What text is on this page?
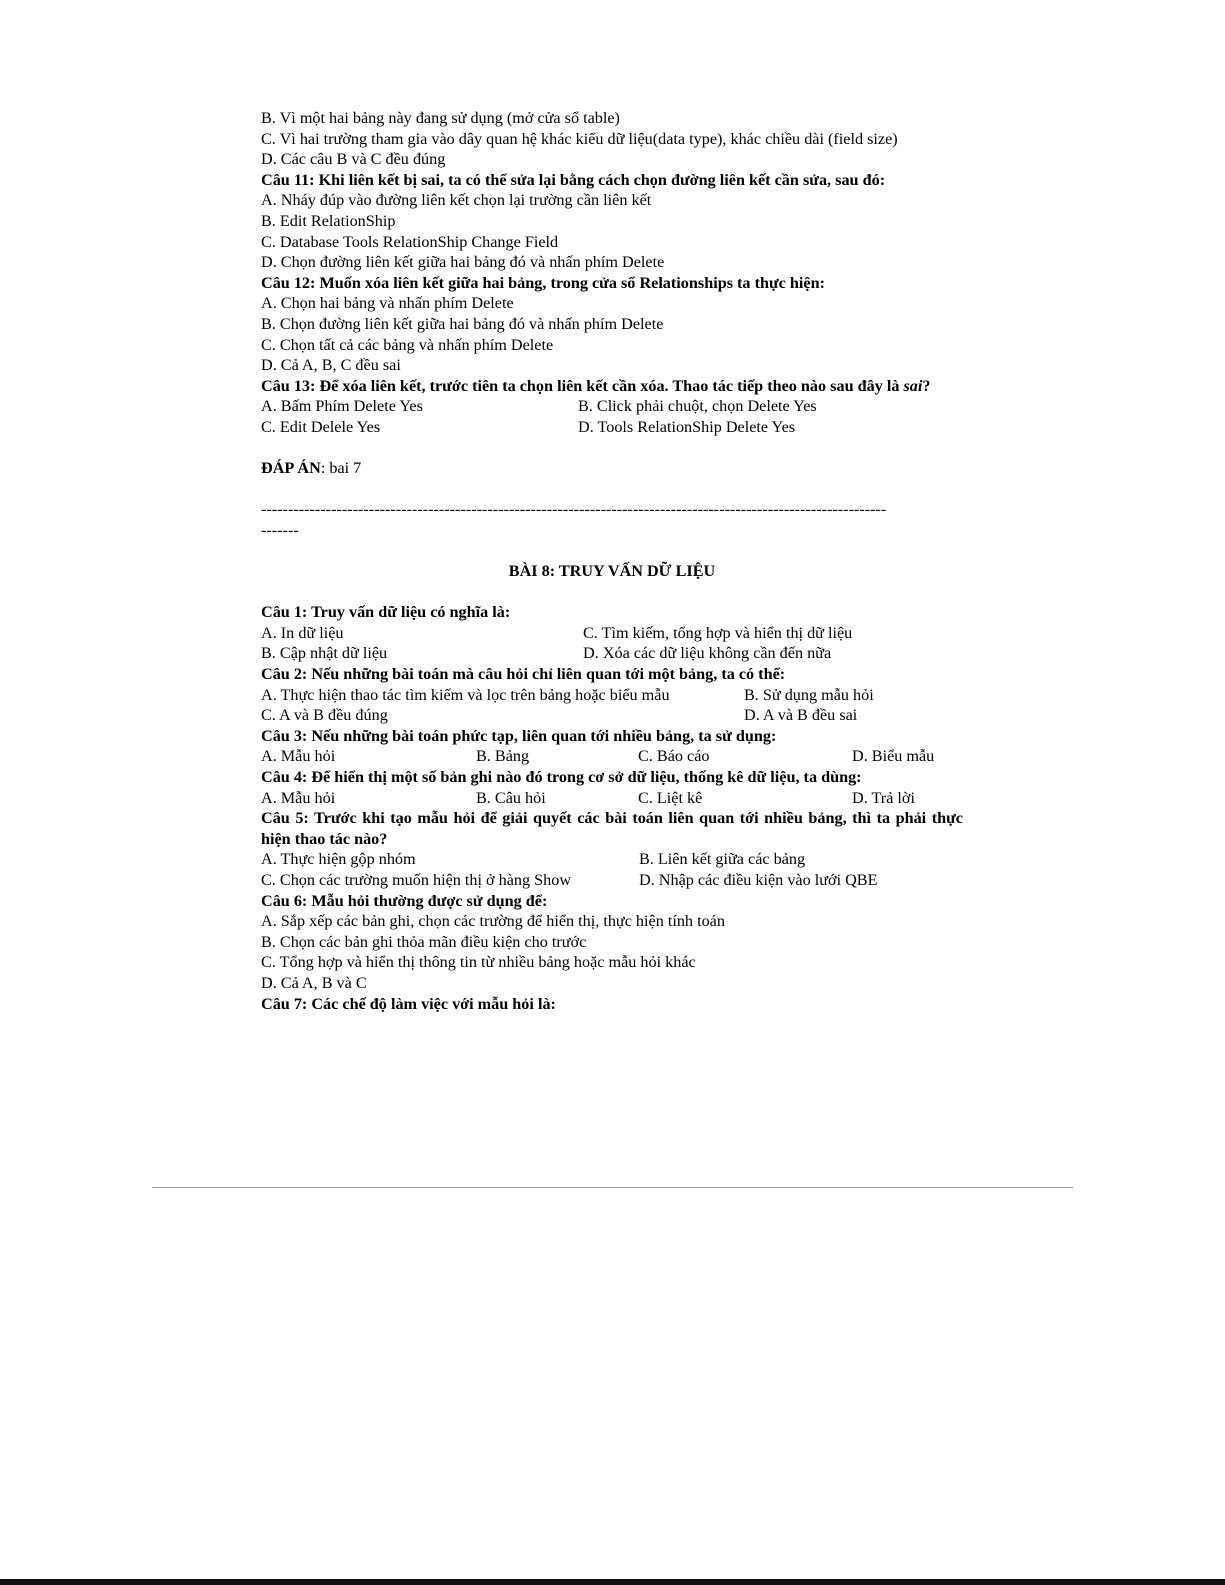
B. Vì một hai bảng này đang sử dụng (mở cửa sổ table)
C. Vì hai trường tham gia vào dây quan hệ khác kiểu dữ liệu(data type), khác chiều dài (field size)
D. Các câu B và C đều đúng
Câu 11: Khi liên kết bị sai, ta có thể sửa lại bằng cách chọn đường liên kết cần sửa, sau đó:
A. Nháy đúp vào đường liên kết chọn lại trường cần liên kết
B. Edit RelationShip
C. Database Tools RelationShip Change Field
D. Chọn đường liên kết giữa hai bảng đó và nhấn phím Delete
Câu 12: Muốn xóa liên kết giữa hai bảng, trong cửa sổ Relationships ta thực hiện:
A. Chọn hai bảng và nhấn phím Delete
B. Chọn đường liên kết giữa hai bảng đó và nhấn phím Delete
C. Chọn tất cả các bảng và nhấn phím Delete
D. Cả A, B, C đều sai
Câu 13: Để xóa liên kết, trước tiên ta chọn liên kết cần xóa. Thao tác tiếp theo nào sau đây là sai?
A. Bấm Phím Delete Yes	B. Click phải chuột, chọn Delete Yes
C. Edit Delele Yes	D. Tools RelationShip Delete Yes
ĐÁP ÁN: bai 7
--------------------------------------------------------------------------------------------------------------------
-------
BÀI 8: TRUY VẤN DỮ LIỆU
Câu 1: Truy vấn dữ liệu có nghĩa là:
A. In dữ liệu	C. Tìm kiếm, tổng hợp và hiển thị dữ liệu
B. Cập nhật dữ liệu	D. Xóa các dữ liệu không cần đến nữa
Câu 2: Nếu những bài toán mà câu hỏi chỉ liên quan tới một bảng, ta có thể:
A. Thực hiện thao tác tìm kiếm và lọc trên bảng hoặc biểu mẫu	B. Sử dụng mẫu hỏi
C. A và B đều đúng	D. A và B đều sai
Câu 3: Nếu những bài toán phức tạp, liên quan tới nhiều bảng, ta sử dụng:
A. Mẫu hỏi	B. Bảng	C. Báo cáo	D. Biểu mẫu
Câu 4: Để hiển thị một số bản ghi nào đó trong cơ sở dữ liệu, thống kê dữ liệu, ta dùng:
A. Mẫu hỏi	B. Câu hỏi	C. Liệt kê	D. Trả lời
Câu 5: Trước khi tạo mẫu hỏi để giải quyết các bài toán liên quan tới nhiều bảng, thì ta phải thực hiện thao tác nào?
A. Thực hiện gộp nhóm	B. Liên kết giữa các bảng
C. Chọn các trường muốn hiện thị ở hàng Show	D. Nhập các điều kiện vào lưới QBE
Câu 6: Mẫu hỏi thường được sử dụng để:
A. Sắp xếp các bản ghi, chọn các trường để hiển thị, thực hiện tính toán
B. Chọn các bản ghi thỏa mãn điều kiện cho trước
C. Tổng hợp và hiển thị thông tin từ nhiều bảng hoặc mẫu hỏi khác
D. Cả A, B và C
Câu 7: Các chế độ làm việc với mẫu hỏi là:
